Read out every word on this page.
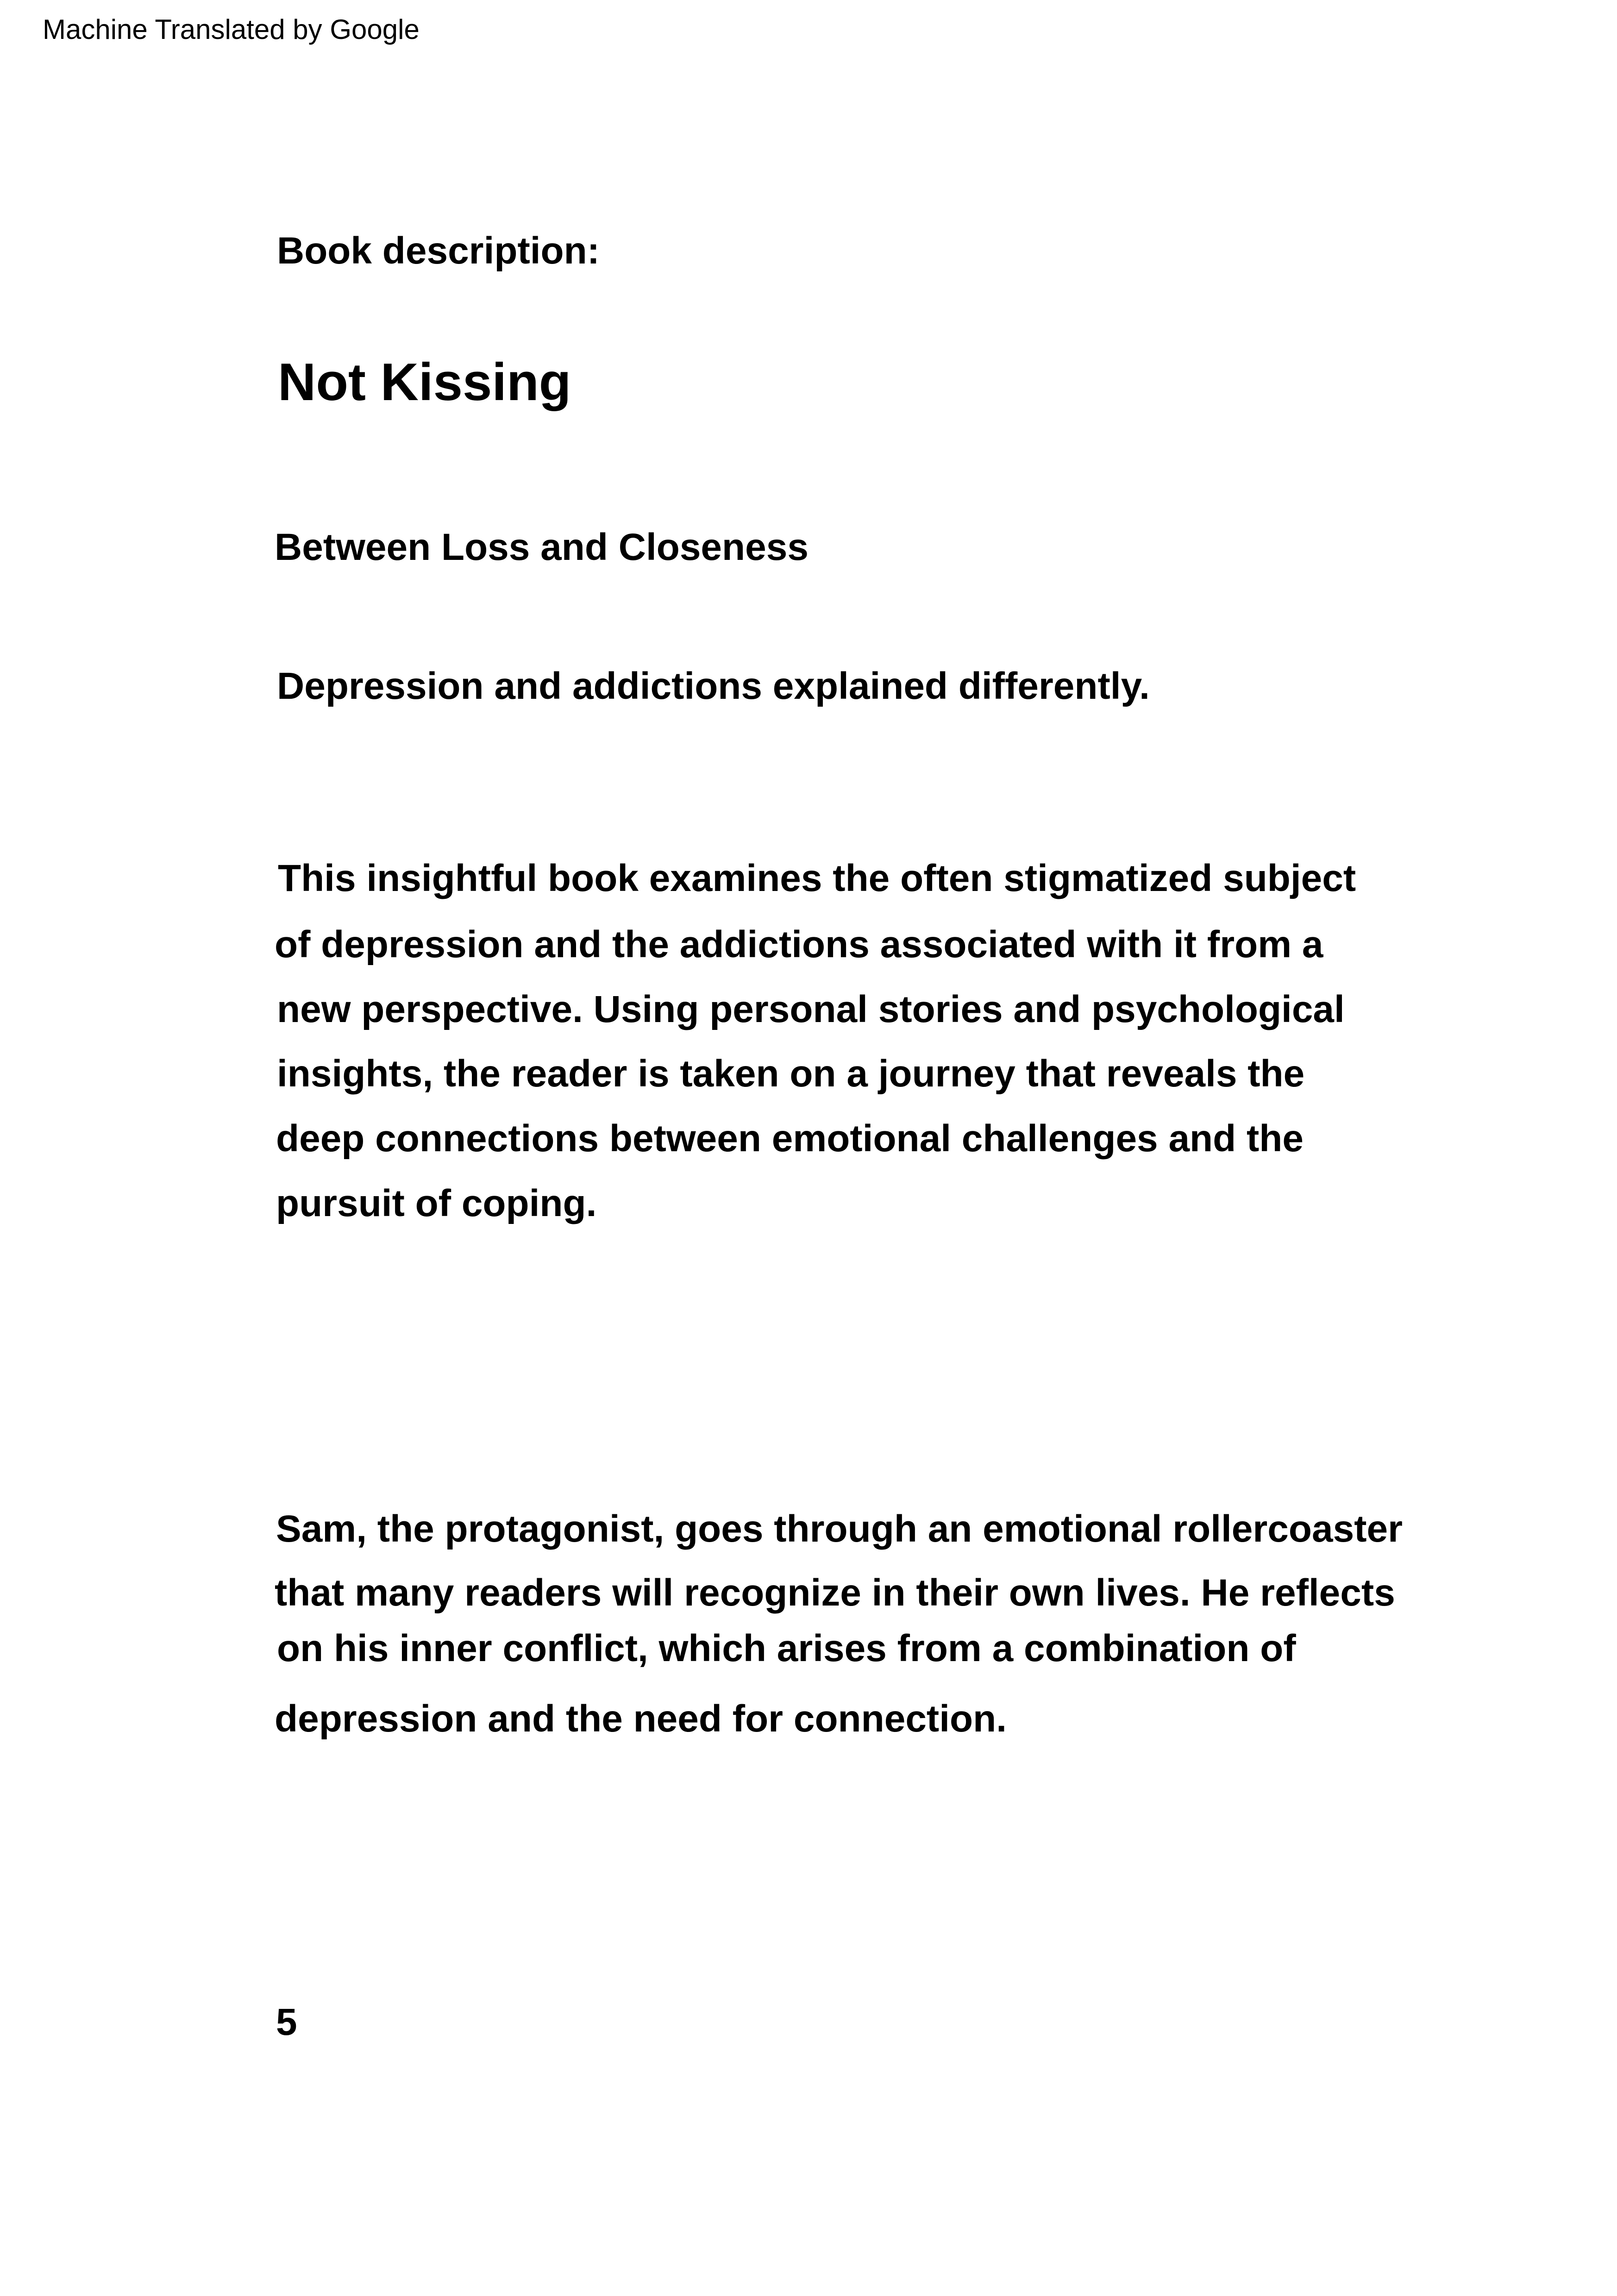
Machine Translated by Google
Book description:
Not Kissing
Between Loss and Closeness
Depression and addictions explained differently.
This insightful book examines the often stigmatized subject
of depression and the addictions associated with it from a
new perspective. Using personal stories and psychological
insights, the reader is taken on a journey that reveals the
deep connections between emotional challenges and the
pursuit of coping.
Sam, the protagonist, goes through an emotional rollercoaster
that many readers will recognize in their own lives. He reflects
on his inner conflict, which arises from a combination of
depression and the need for connection.
5
